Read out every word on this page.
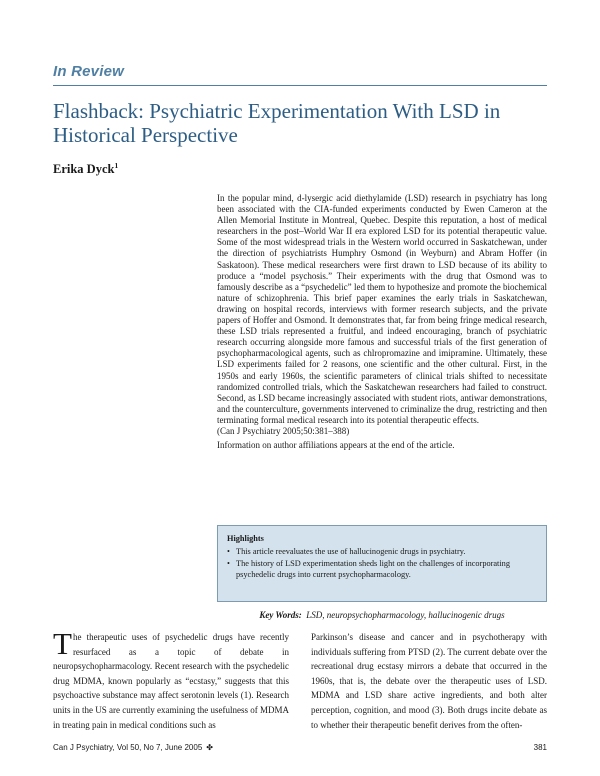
In Review
Flashback: Psychiatric Experimentation With LSD in Historical Perspective
Erika Dyck$^1$

In the popular mind, d-lysergic acid diethylamide (LSD) research in psychiatry has long been associated with the CIA-funded experiments conducted by Ewen Cameron at the Allen Memorial Institute in Montreal, Quebec. Despite this reputation, a host of medical researchers in the post–World War II era explored LSD for its potential therapeutic value. Some of the most widespread trials in the Western world occurred in Saskatchewan, under the direction of psychiatrists Humphry Osmond (in Weyburn) and Abram Hoffer (in Saskatoon). These medical researchers were first drawn to LSD because of its ability to produce a “model psychosis.” Their experiments with the drug that Osmond was to famously describe as a “psychedelic” led them to hypothesize and promote the biochemical nature of schizophrenia. This brief paper examines the early trials in Saskatchewan, drawing on hospital records, interviews with former research subjects, and the private papers of Hoffer and Osmond. It demonstrates that, far from being fringe medical research, these LSD trials represented a fruitful, and indeed encouraging, branch of psychiatric research occurring alongside more famous and successful trials of the first generation of psychopharmacological agents, such as chlropromazine and imipramine. Ultimately, these LSD experiments failed for 2 reasons, one scientific and the other cultural. First, in the 1950s and early 1960s, the scientific parameters of clinical trials shifted to necessitate randomized controlled trials, which the Saskatchewan researchers had failed to construct. Second, as LSD became increasingly associated with student riots, antiwar demonstrations, and the counterculture, governments intervened to criminalize the drug, restricting and then terminating formal medical research into its potential therapeutic effects.

(Can J Psychiatry 2005;50:381–388)

Information on author affiliations appears at the end of the article.

Highlights
• This article reevaluates the use of hallucinogenic drugs in psychiatry.
• The history of LSD experimentation sheds light on the challenges of incorporating psychedelic drugs into current psychopharmacology.
Key Words: LSD, neuropsychopharmacology, hallucinogenic drugs

The therapeutic uses of psychedelic drugs have recently resurfaced as a topic of debate in neuropsychopharmacology. Recent research with the psychedelic drug MDMA, known popularly as “ecstasy,” suggests that this psychoactive substance may affect serotonin levels (1). Research units in the US are currently examining the usefulness of MDMA in treating pain in medical conditions such as

Parkinson’s disease and cancer and in psychotherapy with individuals suffering from PTSD (2). The current debate over the recreational drug ecstasy mirrors a debate that occurred in the 1960s, that is, the debate over the therapeutic uses of LSD. MDMA and LSD share active ingredients, and both alter perception, cognition, and mood (3). Both drugs incite debate as to whether their therapeutic benefit derives from the often-

Can J Psychiatry, Vol 50, No 7, June 2005 ✤	381
